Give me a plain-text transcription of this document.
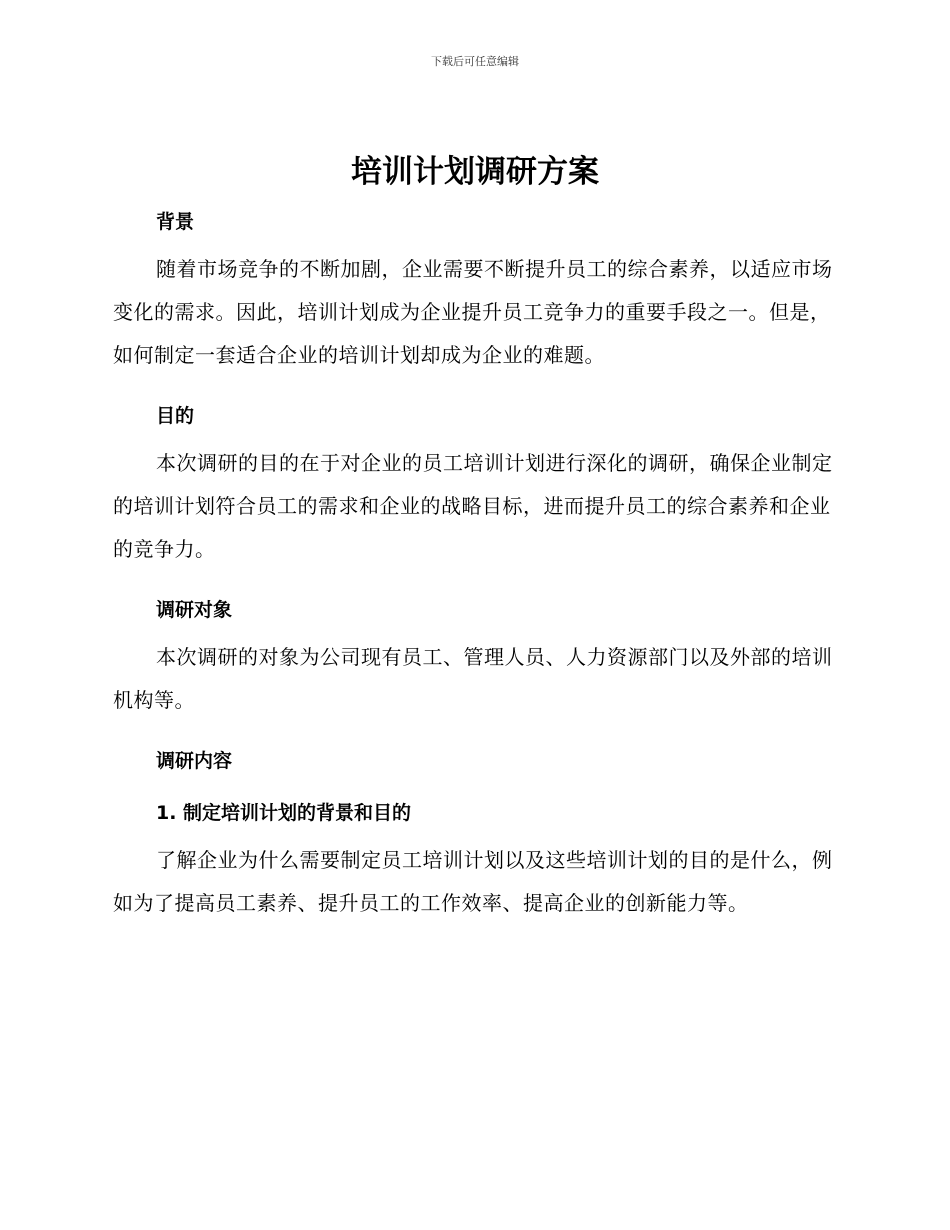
下载后可任意编辑
培训计划调研方案
背景

随着市场竞争的不断加剧，企业需要不断提升员工的综合素养，以适应市场变化的需求。因此，培训计划成为企业提升员工竞争力的重要手段之一。但是，如何制定一套适合企业的培训计划却成为企业的难题。

目的

本次调研的目的在于对企业的员工培训计划进行深化的调研，确保企业制定的培训计划符合员工的需求和企业的战略目标，进而提升员工的综合素养和企业的竞争力。

调研对象

本次调研的对象为公司现有员工、管理人员、人力资源部门以及外部的培训机构等。

调研内容
1. 制定培训计划的背景和目的

了解企业为什么需要制定员工培训计划以及这些培训计划的目的是什么，例如为了提高员工素养、提升员工的工作效率、提高企业的创新能力等。
